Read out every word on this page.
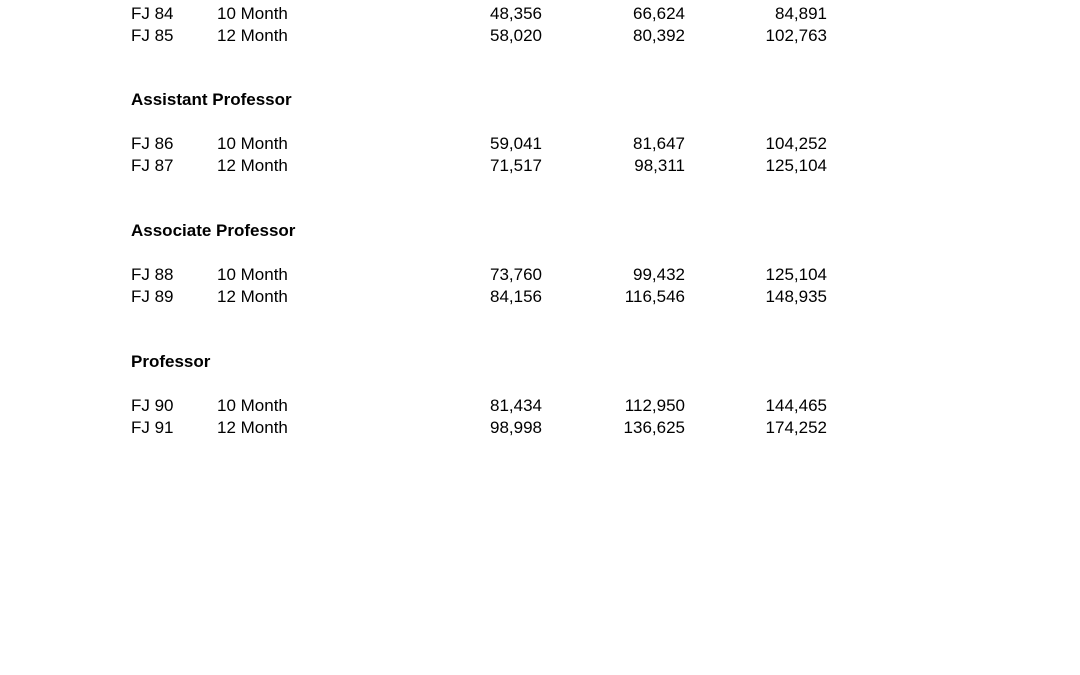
FJ 84	10 Month	48,356	66,624	84,891
FJ 85	12 Month	58,020	80,392	102,763
Assistant Professor
FJ 86	10 Month	59,041	81,647	104,252
FJ 87	12 Month	71,517	98,311	125,104
Associate Professor
FJ 88	10 Month	73,760	99,432	125,104
FJ 89	12 Month	84,156	116,546	148,935
Professor
FJ 90	10 Month	81,434	112,950	144,465
FJ 91	12 Month	98,998	136,625	174,252
